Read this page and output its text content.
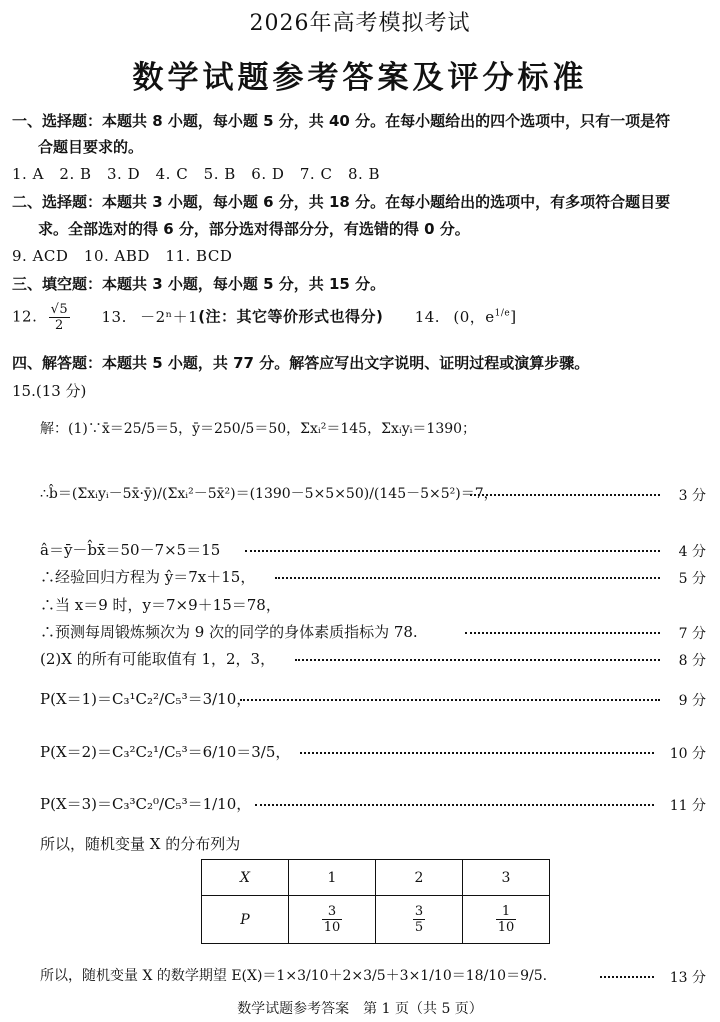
2026年高考模拟考试
数学试题参考答案及评分标准
一、选择题：本题共 8 小题，每小题 5 分，共 40 分。在每小题给出的四个选项中，只有一项是符
合题目要求的。
1. A　2. B　3. D　4. C　5. B　6. D　7. C　8. B
二、选择题：本题共 3 小题，每小题 6 分，共 18 分。在每小题给出的选项中，有多项符合题目要
求。全部选对的得 6 分，部分选对得部分分，有选错的得 0 分。
9. ACD　10. ABD　11. BCD
三、填空题：本题共 3 小题，每小题 5 分，共 15 分。
12. $\frac{√5}{2} 13$. －2ⁿ＋1(注：其它等价形式也得分) 14. (0，$e^{1/e}$]
四、解答题：本题共 5 小题，共 77 分。解答应写出文字说明、证明过程或演算步骤。
15.(13 分)
解：(1)∵x̄＝25/5＝5，ȳ＝250/5＝50，Σxᵢ²＝145，Σxᵢyᵢ＝1390；
∴b̂＝(Σxᵢyᵢ－5x̄·ȳ)/(Σxᵢ²－5x̄²)＝(1390－5×5×50)/(145－5×5²)＝7，	3 分
â＝ȳ－b̂x̄＝50－7×5＝15	4 分
∴经验回归方程为 ŷ＝7x＋15，	5 分
∴当 x＝9 时，y＝7×9＋15＝78，
∴预测每周锻炼频次为 9 次的同学的身体素质指标为 78.	7 分
(2)X 的所有可能取值有 1，2，3，	8 分
P(X＝1)＝C₃¹C₂²/C₅³＝3/10，	9 分
P(X＝2)＝C₃²C₂¹/C₅³＝6/10＝3/5，	10 分
P(X＝3)＝C₃³C₂⁰/C₅³＝1/10，	11 分
所以，随机变量 X 的分布列为
X	1	2	3
P	$\frac{3}{10}$	$\frac{3}{5}$	$\frac{1}{10}$
所以，随机变量 X 的数学期望 E(X)＝1×3/10＋2×3/5＋3×1/10＝18/10＝9/5.	13 分
数学试题参考答案　第 1 页（共 5 页）
